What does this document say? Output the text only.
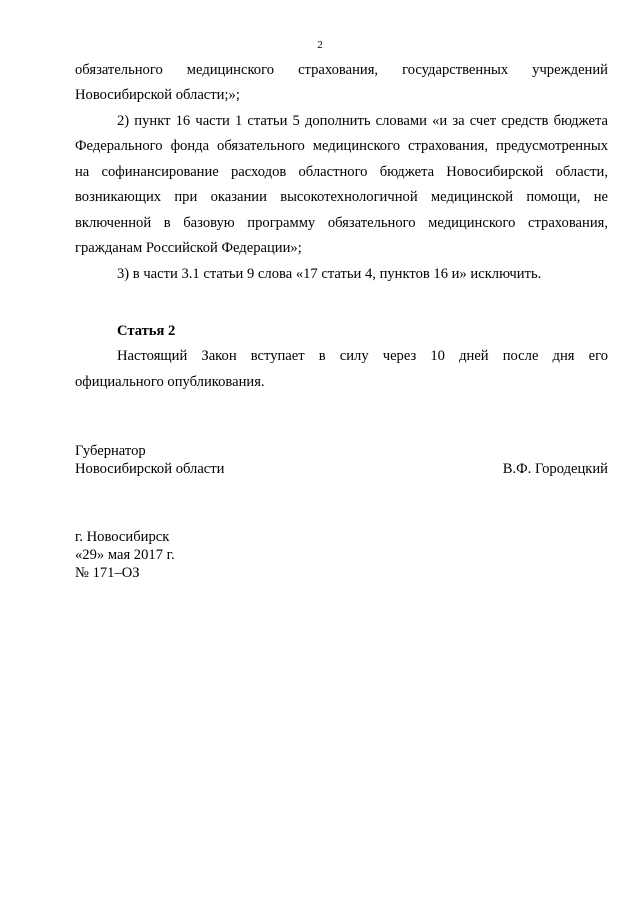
2
обязательного медицинского страхования, государственных учреждений
Новосибирской области;»;
2) пункт 16 части 1 статьи 5 дополнить словами «и за счет средств бюджета
Федерального фонда обязательного медицинского страхования, предусмотренных
на софинансирование расходов областного бюджета Новосибирской области,
возникающих при оказании высокотехнологичной медицинской помощи, не
включенной в базовую программу обязательного медицинского страхования,
гражданам Российской Федерации»;
3) в части 3.1 статьи 9 слова «17 статьи 4, пунктов 16 и» исключить.
Статья 2
Настоящий Закон вступает в силу через 10 дней после дня его
официального опубликования.
Губернатор
Новосибирской области	В.Ф. Городецкий
г. Новосибирск
«29» мая 2017 г.
№ 171–ОЗ
